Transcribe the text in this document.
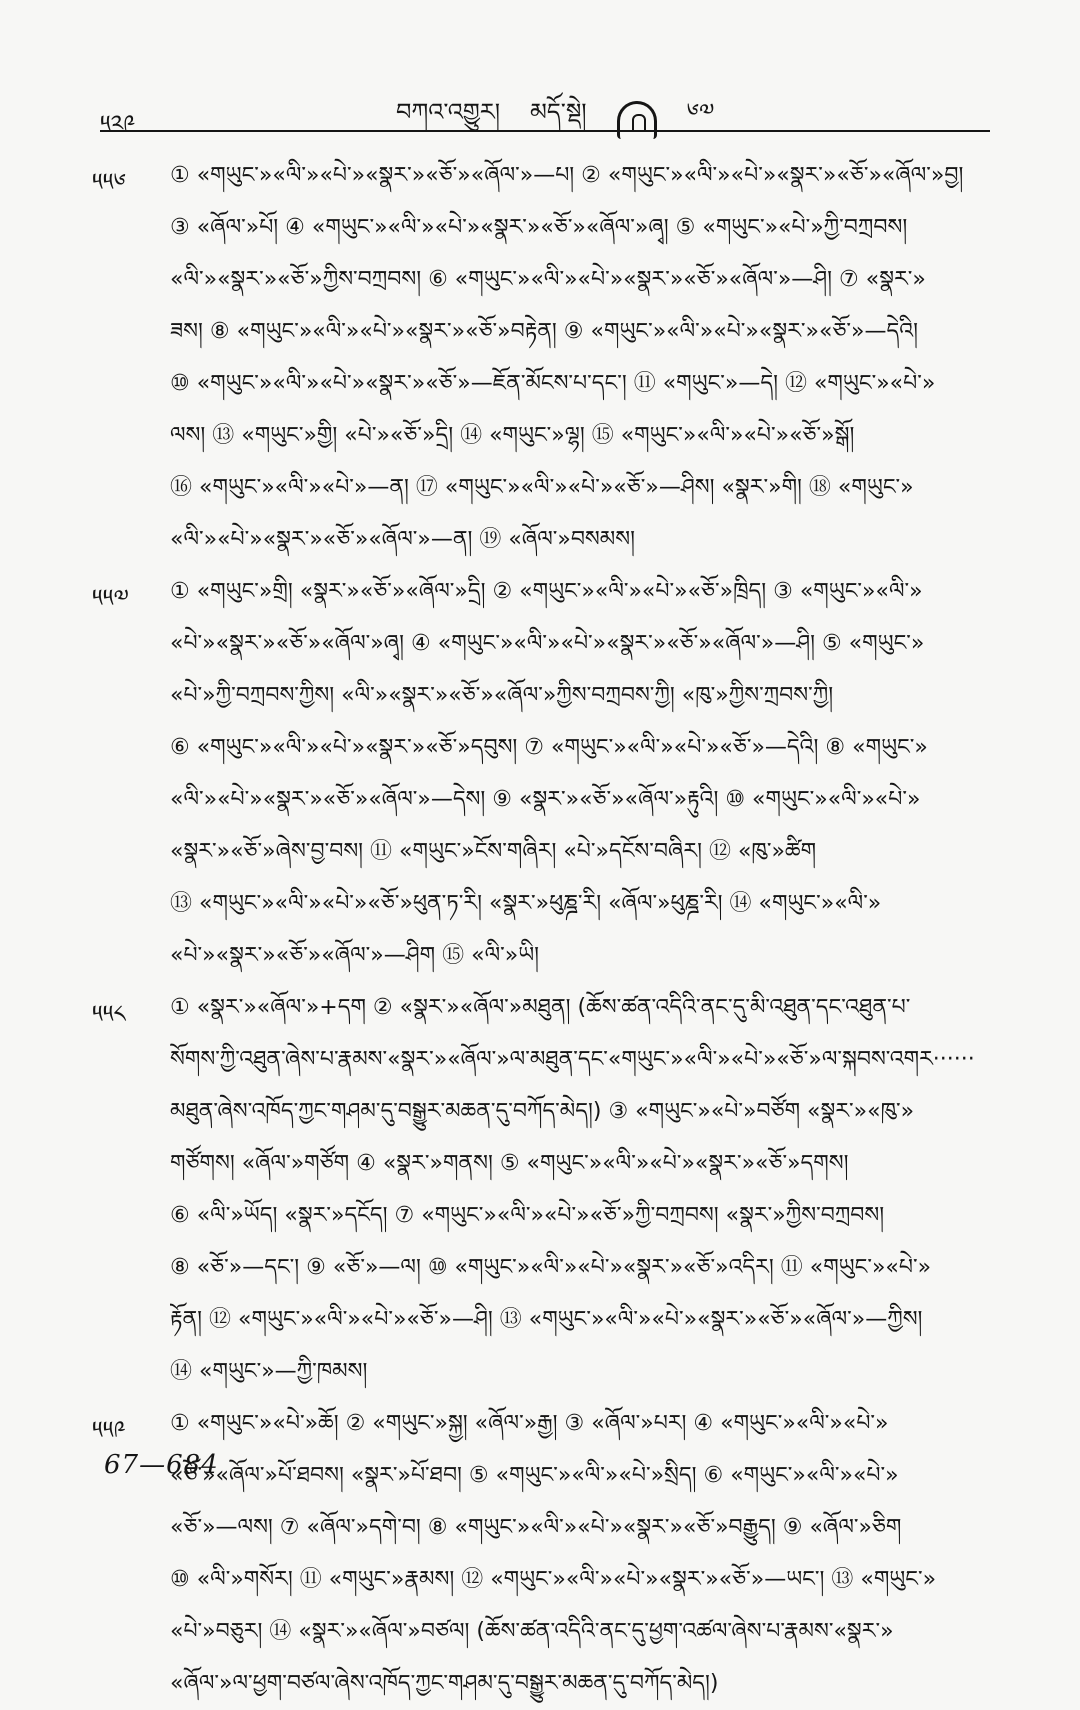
༥༢༩	བཀའ་འགྱུར། མདོ་སྡེ།	༦༧
༥༥༦	① «གཡུང་»«ལི་»«པེ་»«སྣར་»«ཅོ་»«ཞོལ་»—པ། ② «གཡུང་»«ལི་»«པེ་»«སྣར་»«ཅོ་»«ཞོལ་»བྱ།
③ «ཞོལ་»པོ། ④ «གཡུང་»«ལི་»«པེ་»«སྣར་»«ཅོ་»«ཞོལ་»ཞྭ། ⑤ «གཡུང་»«པེ་»ཀྱི་བཀྲབས།
«ལི་»«སྣར་»«ཅོ་»ཀྱིས་བཀྲབས། ⑥ «གཡུང་»«ལི་»«པེ་»«སྣར་»«ཅོ་»«ཞོལ་»—ཤི། ⑦ «སྣར་»
ཟས། ⑧ «གཡུང་»«ལི་»«པེ་»«སྣར་»«ཅོ་»བརྟེན། ⑨ «གཡུང་»«ལི་»«པེ་»«སྣར་»«ཅོ་»—དེའི།
⑩ «གཡུང་»«ལི་»«པེ་»«སྣར་»«ཅོ་»—ཇོན་མོངས་པ་དང་། ⑪ «གཡུང་»—དེ། ⑫ «གཡུང་»«པེ་»
ལས། ⑬ «གཡུང་»གྱི། «པེ་»«ཅོ་»དྲི། ⑭ «གཡུང་»ལྷ། ⑮ «གཡུང་»«ལི་»«པེ་»«ཅོ་»སྒོ།
⑯ «གཡུང་»«ལི་»«པེ་»—ན། ⑰ «གཡུང་»«ལི་»«པེ་»«ཅོ་»—ཤིས། «སྣར་»གི། ⑱ «གཡུང་»
«ལི་»«པེ་»«སྣར་»«ཅོ་»«ཞོལ་»—ན། ⑲ «ཞོལ་»བསམས།
༥༥༧	① «གཡུང་»གྲི། «སྣར་»«ཅོ་»«ཞོལ་»དྲི། ② «གཡུང་»«ལི་»«པེ་»«ཅོ་»ཁྲིད། ③ «གཡུང་»«ལི་»
«པེ་»«སྣར་»«ཅོ་»«ཞོལ་»ཞྭ། ④ «གཡུང་»«ལི་»«པེ་»«སྣར་»«ཅོ་»«ཞོལ་»—ཤི། ⑤ «གཡུང་»
«པེ་»ཀྱི་བཀྲབས་ཀྱིས། «ལི་»«སྣར་»«ཅོ་»«ཞོལ་»ཀྱིས་བཀྲབས་ཀྱི། «ཁུ་»ཀྱིས་ཀྲབས་ཀྱི།
⑥ «གཡུང་»«ལི་»«པེ་»«སྣར་»«ཅོ་»དབུས། ⑦ «གཡུང་»«ལི་»«པེ་»«ཅོ་»—དེའི། ⑧ «གཡུང་»
«ལི་»«པེ་»«སྣར་»«ཅོ་»«ཞོལ་»—དེས། ⑨ «སྣར་»«ཅོ་»«ཞོལ་»རྟུའི། ⑩ «གཡུང་»«ལི་»«པེ་»
«སྣར་»«ཅོ་»ཞེས་བྱ་བས། ⑪ «གཡུང་»ངོས་གཞིར། «པེ་»དངོས་བཞིར། ⑫ «ཁུ་»ཚིག
⑬ «གཡུང་»«ལི་»«པེ་»«ཅོ་»ཕུན་ཏ་རི། «སྣར་»ཕུཎྜ་རི། «ཞོལ་»ཕུཎྜ་ཪི། ⑭ «གཡུང་»«ལི་»
«པེ་»«སྣར་»«ཅོ་»«ཞོལ་»—ཤིག ⑮ «ལི་»ཡི།
༥༥༨	① «སྣར་»«ཞོལ་»+དག ② «སྣར་»«ཞོལ་»མཐུན། (ཆོས་ཚན་འདིའི་ནང་དུ་མི་འཐུན་དང་འཐུན་པ་
སོགས་ཀྱི་འཐུན་ཞེས་པ་རྣམས་«སྣར་»«ཞོལ་»ལ་མཐུན་དང་«གཡུང་»«ལི་»«པེ་»«ཅོ་»ལ་སྐབས་འགར······
མཐུན་ཞེས་འཁོད་ཀྱང་གཤམ་དུ་བསྒྱུར་མཆན་དུ་བཀོད་མེད།) ③ «གཡུང་»«པེ་»བཙོག «སྣར་»«ཁུ་»
གཙོགས། «ཞོལ་»གཙོག ④ «སྣར་»གནས། ⑤ «གཡུང་»«ལི་»«པེ་»«སྣར་»«ཅོ་»དགས།
⑥ «ལི་»ཡོད། «སྣར་»དངོད། ⑦ «གཡུང་»«ལི་»«པེ་»«ཅོ་»ཀྱི་བཀྲབས། «སྣར་»ཀྱིས་བཀྲབས།
⑧ «ཅོ་»—དང་། ⑨ «ཅོ་»—ལ། ⑩ «གཡུང་»«ལི་»«པེ་»«སྣར་»«ཅོ་»འདིར། ⑪ «གཡུང་»«པེ་»
རྟོན། ⑫ «གཡུང་»«ལི་»«པེ་»«ཅོ་»—ཤི། ⑬ «གཡུང་»«ལི་»«པེ་»«སྣར་»«ཅོ་»«ཞོལ་»—ཀྱིས།
⑭ «གཡུང་»—ཀྱི་ཁམས།
༥༥༩	① «གཡུང་»«པེ་»ཆོ། ② «གཡུང་»སྐྱ། «ཞོལ་»རྒྱ། ③ «ཞོལ་»པར། ④ «གཡུང་»«ལི་»«པེ་»
«ཅོ་»«ཞོལ་»པོ་ཐབས། «སྣར་»པོ་ཐབ། ⑤ «གཡུང་»«ལི་»«པེ་»སྲིད། ⑥ «གཡུང་»«ལི་»«པེ་»
«ཅོ་»—ལས། ⑦ «ཞོལ་»དགེ་བ། ⑧ «གཡུང་»«ལི་»«པེ་»«སྣར་»«ཅོ་»བརྒྱུད། ⑨ «ཞོལ་»ཅིག
⑩ «ལི་»གསོར། ⑪ «གཡུང་»རྣམས། ⑫ «གཡུང་»«ལི་»«པེ་»«སྣར་»«ཅོ་»—ཡང་། ⑬ «གཡུང་»
«པེ་»བཅུར། ⑭ «སྣར་»«ཞོལ་»བཙལ། (ཆོས་ཚན་འདིའི་ནང་དུ་ཕྱག་འཚལ་ཞེས་པ་རྣམས་«སྣར་»
«ཞོལ་»ལ་ཕྱག་བཙལ་ཞེས་འཁོད་ཀྱང་གཤམ་དུ་བསྒྱུར་མཆན་དུ་བཀོད་མེད།)
67—684
